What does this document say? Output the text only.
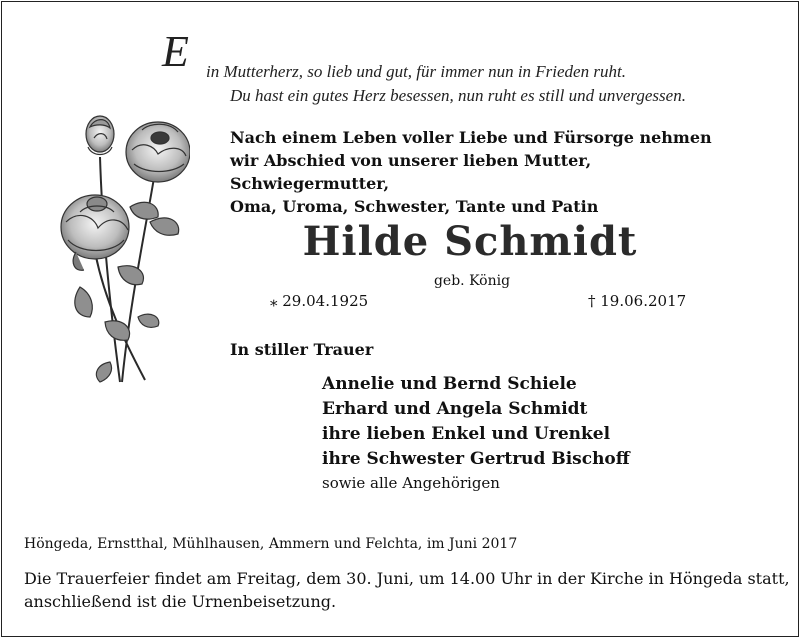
E in Mutterherz, so lieb und gut, für immer nun in Frieden ruht.
Du hast ein gutes Herz besessen, nun ruht es still und unvergessen.
Nach einem Leben voller Liebe und Fürsorge nehmen
wir Abschied von unserer lieben Mutter, Schwiegermutter,
Oma, Uroma, Schwester, Tante und Patin
Hilde Schmidt
geb. König
⁎ 29.04.1925	† 19.06.2017
In stiller Trauer
Annelie und Bernd Schiele
Erhard und Angela Schmidt
ihre lieben Enkel und Urenkel
ihre Schwester Gertrud Bischoff
sowie alle Angehörigen
Höngeda, Ernstthal, Mühlhausen, Ammern und Felchta, im Juni 2017
Die Trauerfeier findet am Freitag, dem 30. Juni, um 14.00 Uhr in der Kirche in Höngeda statt,
anschließend ist die Urnenbeisetzung.
